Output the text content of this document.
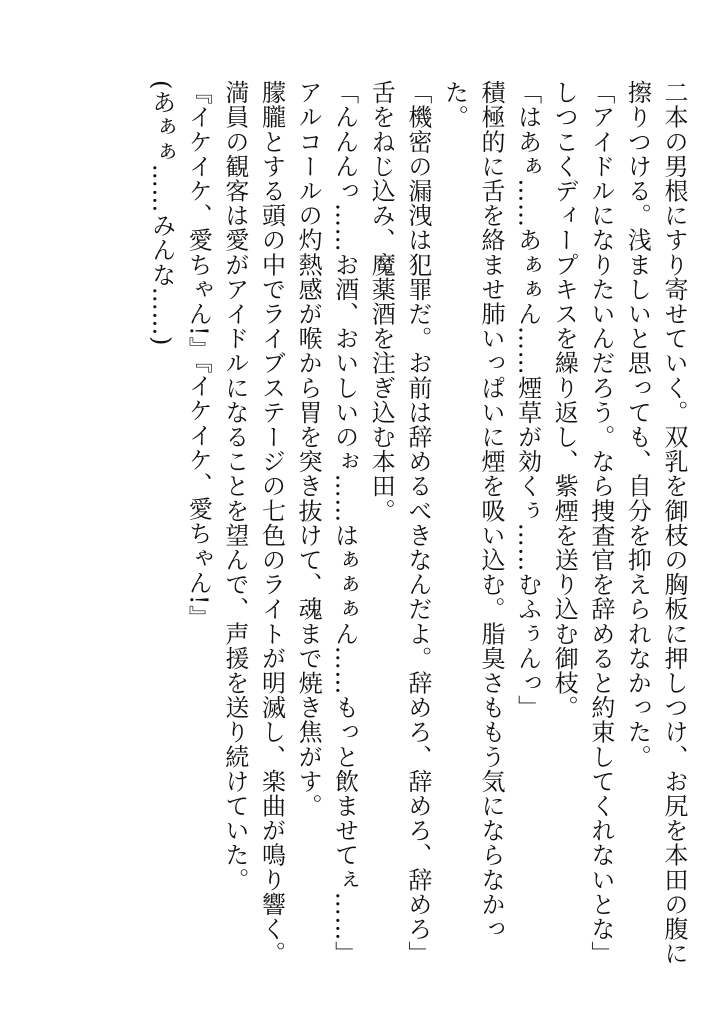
二本の男根にすり寄せていく。双乳を御枝の胸板に押しつけ、お尻を本田の腹に

擦りつける。浅ましいと思っても、自分を抑えられなかった。

「アイドルになりたいんだろう。なら捜査官を辞めると約束してくれないとな」

しつこくディープキスを繰り返し、紫煙を送り込む御枝。

「はあぁ……あぁぁん……煙草が効くぅ……むふぅんっ」

積極的に舌を絡ませ肺いっぱいに煙を吸い込む。脂臭さももう気にならなかっ

た。

「機密の漏洩は犯罪だ。お前は辞めるべきなんだよ。辞めろ、辞めろ、辞めろ」

舌をねじ込み、魔薬酒を注ぎ込む本田。

「んんんっ……お酒、おいしいのぉ……はぁぁぁん……もっと飲ませてぇ……」

アルコールの灼熱感が喉から胃を突き抜けて、魂まで焼き焦がす。

朦朧とする頭の中でライブステージの七色のライトが明滅し、楽曲が鳴り響く。

満員の観客は愛がアイドルになることを望んで、声援を送り続けていた。

『イケイケ、愛ちゃん!』『イケイケ、愛ちゃん!』

(あぁぁ……みんな……)
